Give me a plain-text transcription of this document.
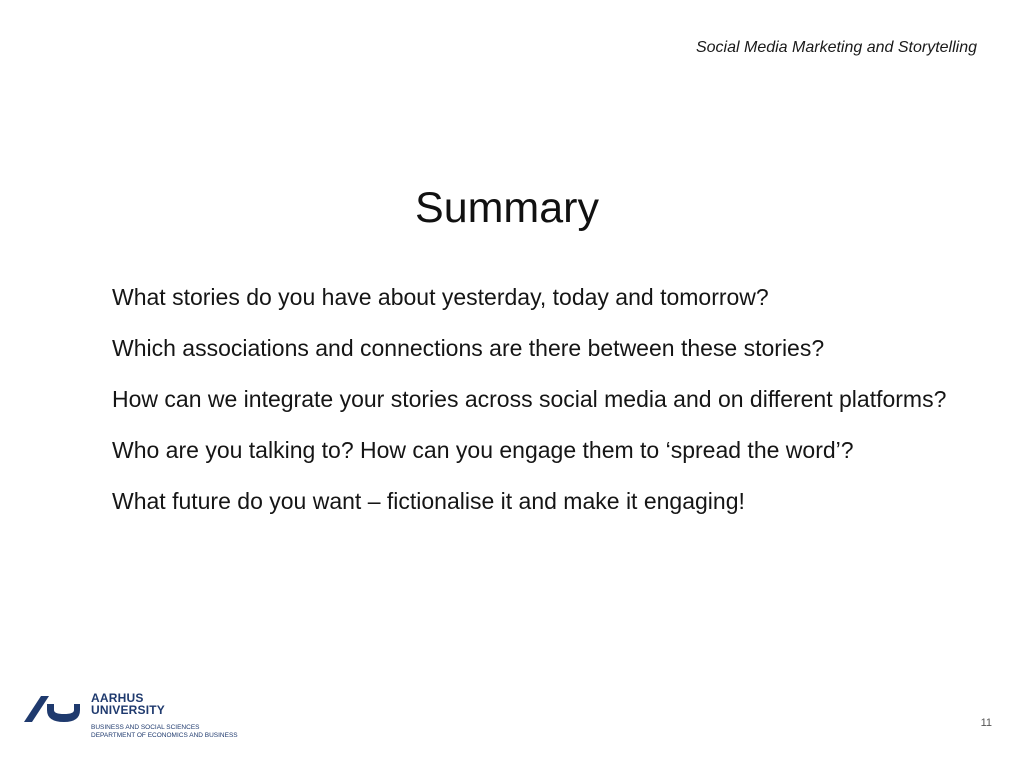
Social Media Marketing and Storytelling
Summary
What stories do you have about yesterday, today and tomorrow?
Which associations and connections are there between these stories?
How can we integrate your stories across social media and on different platforms?
Who are you talking to? How can you engage them to ‘spread the word’?
What future do you want – fictionalise it and make it engaging!
AARHUS
UNIVERSITY
BUSINESS AND SOCIAL SCIENCES
DEPARTMENT OF ECONOMICS AND BUSINESS
11
